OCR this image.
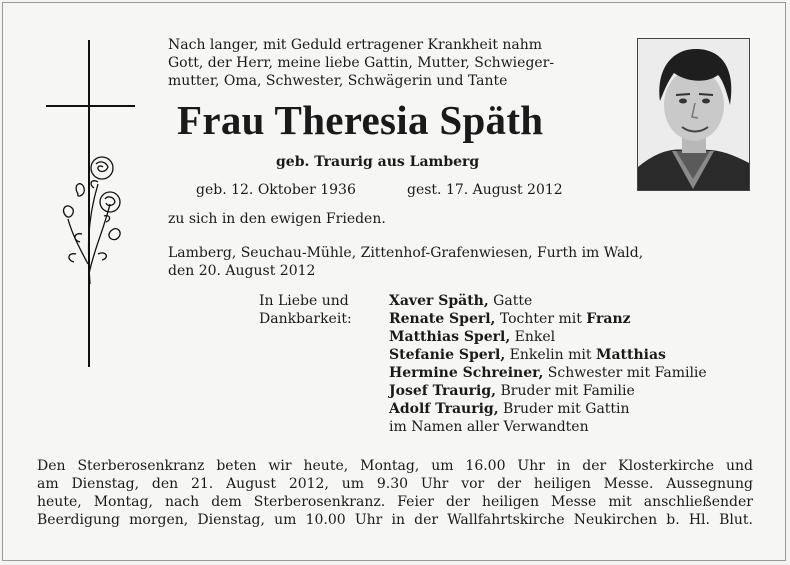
Nach langer, mit Geduld ertragener Krankheit nahm
Gott, der Herr, meine liebe Gattin, Mutter, Schwieger-
mutter, Oma, Schwester, Schwägerin und Tante
Frau Theresia Späth
geb. Traurig aus Lamberg
geb. 12. Oktober 1936	gest. 17. August 2012
zu sich in den ewigen Frieden.
Lamberg, Seuchau-Mühle, Zittenhof-Grafenwiesen, Furth im Wald,
den 20. August 2012
In Liebe und
Dankbarkeit:
Xaver Späth, Gatte
Renate Sperl, Tochter mit Franz
Matthias Sperl, Enkel
Stefanie Sperl, Enkelin mit Matthias
Hermine Schreiner, Schwester mit Familie
Josef Traurig, Bruder mit Familie
Adolf Traurig, Bruder mit Gattin
im Namen aller Verwandten
Den Sterberosenkranz beten wir heute, Montag, um 16.00 Uhr in der Klosterkirche und
am Dienstag, den 21. August 2012, um 9.30 Uhr vor der heiligen Messe. Aussegnung
heute, Montag, nach dem Sterberosenkranz. Feier der heiligen Messe mit anschließender
Beerdigung morgen, Dienstag, um 10.00 Uhr in der Wallfahrtskirche Neukirchen b. Hl. Blut.
